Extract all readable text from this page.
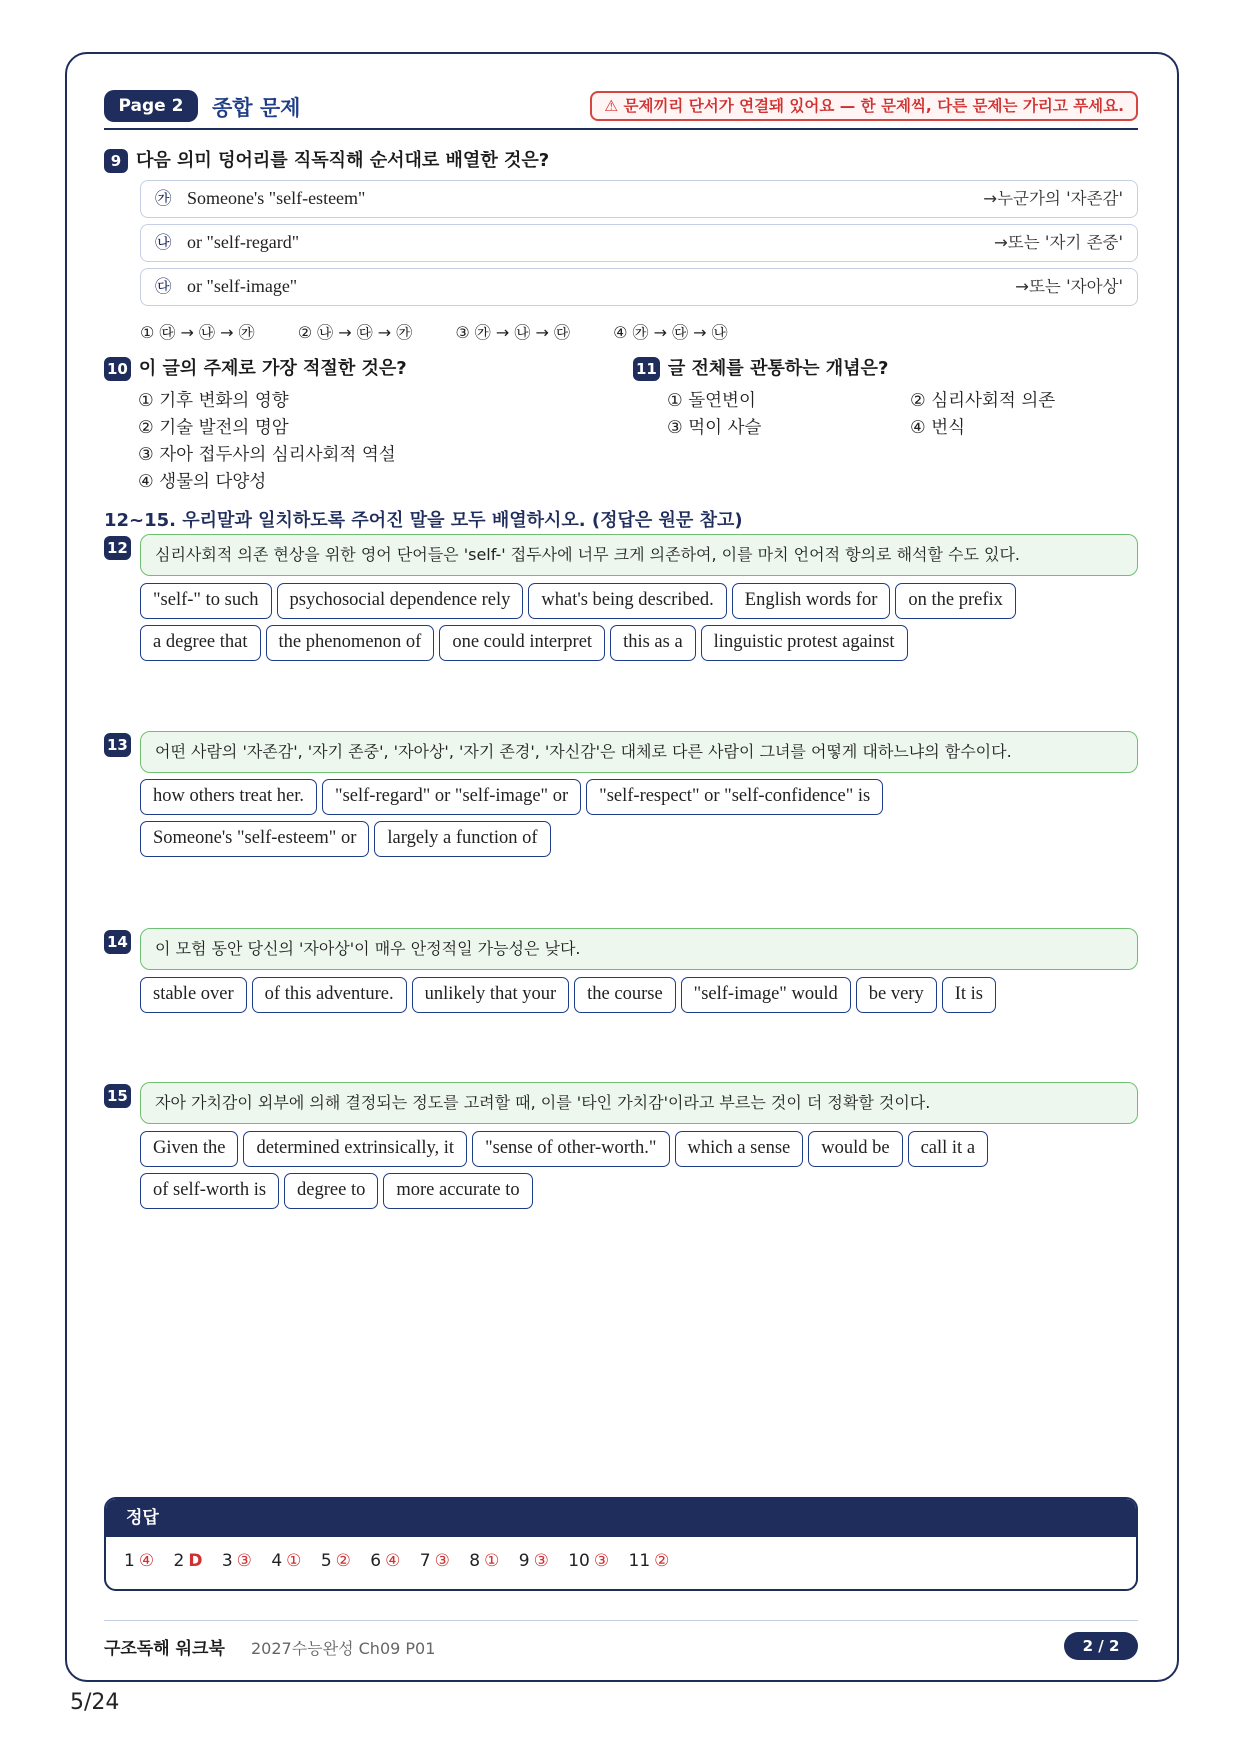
Page 2	종합 문제	⚠ 문제끼리 단서가 연결돼 있어요 — 한 문제씩, 다른 문제는 가리고 푸세요.
9 다음 의미 덩어리를 직독직해 순서대로 배열한 것은?
㉮ Someone's "self-esteem"	→누군가의 '자존감'
㉯ or "self-regard"	→또는 '자기 존중'
㉰ or "self-image"	→또는 '자아상'
① ㉰ → ㉯ → ㉮	② ㉯ → ㉰ → ㉮	③ ㉮ → ㉯ → ㉰	④ ㉮ → ㉰ → ㉯
10 이 글의 주제로 가장 적절한 것은?
① 기후 변화의 영향
② 기술 발전의 명암
③ 자아 접두사의 심리사회적 역설
④ 생물의 다양성
11 글 전체를 관통하는 개념은?
① 돌연변이	② 심리사회적 의존
③ 먹이 사슬	④ 번식
12~15. 우리말과 일치하도록 주어진 말을 모두 배열하시오. (정답은 원문 참고)
12	심리사회적 의존 현상을 위한 영어 단어들은 'self-' 접두사에 너무 크게 의존하여, 이를 마치 언어적 항의로 해석할 수도 있다.
"self-" to such psychosocial dependence rely what's being described. English words for on the prefix
a degree that the phenomenon of one could interpret this as a linguistic protest against
13	어떤 사람의 '자존감', '자기 존중', '자아상', '자기 존경', '자신감'은 대체로 다른 사람이 그녀를 어떻게 대하느냐의 함수이다.
how others treat her. "self-regard" or "self-image" or "self-respect" or "self-confidence" is
Someone's "self-esteem" or largely a function of
14	이 모험 동안 당신의 '자아상'이 매우 안정적일 가능성은 낮다.
stable over of this adventure. unlikely that your the course "self-image" would be very It is
15	자아 가치감이 외부에 의해 결정되는 정도를 고려할 때, 이를 '타인 가치감'이라고 부르는 것이 더 정확할 것이다.
Given the determined extrinsically, it "sense of other-worth." which a sense would be call it a
of self-worth is degree to more accurate to
정답
1 ④ 2 D 3 ③ 4 ① 5 ② 6 ④ 7 ③ 8 ① 9 ③ 10 ③ 11 ②
구조독해 워크북 2027수능완성 Ch09 P01	2 / 2
5/24
